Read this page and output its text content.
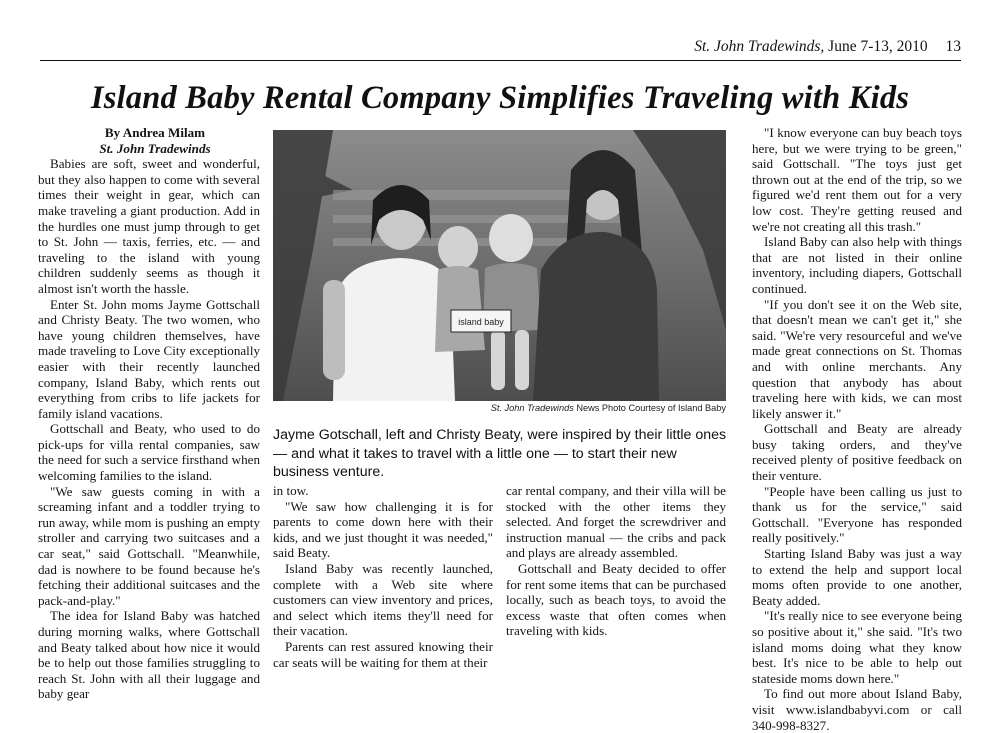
St. John Tradewinds, June 7-13, 2010 13
Island Baby Rental Company Simplifies Traveling with Kids

By Andrea Milam

St. John Tradewinds

Babies are soft, sweet and wonderful, but they also happen to come with several times their weight in gear, which can make traveling a giant production. Add in the hurdles one must jump through to get to St. John — taxis, ferries, etc. — and traveling to the island with young children suddenly seems as though it almost isn't worth the hassle.

Enter St. John moms Jayme Gottschall and Christy Beaty. The two women, who have young children themselves, have made traveling to Love City exceptionally easier with their recently launched company, Island Baby, which rents out everything from cribs to life jackets for family island vacations.

Gottschall and Beaty, who used to do pick-ups for villa rental companies, saw the need for such a service firsthand when welcoming families to the island.

"We saw guests coming in with a screaming infant and a toddler trying to run away, while mom is pushing an empty stroller and carrying two suitcases and a car seat," said Gottschall. "Meanwhile, dad is nowhere to be found because he's fetching their additional suitcases and the pack-and-play."

The idea for Island Baby was hatched during morning walks, where Gottschall and Beaty talked about how nice it would be to help out those families struggling to reach St. John with all their luggage and baby gear

island baby
St. John Tradewinds News Photo Courtesy of Island Baby
Jayme Gotschall, left and Christy Beaty, were inspired by their little ones — and what it takes to travel with a little one — to start their new business venture.

in tow.

"We saw how challenging it is for parents to come down here with their kids, and we just thought it was needed," said Beaty.

Island Baby was recently launched, complete with a Web site where customers can view inventory and prices, and select which items they'll need for their vacation.

Parents can rest assured knowing their car seats will be waiting for them at their

car rental company, and their villa will be stocked with the other items they selected. And forget the screwdriver and instruction manual — the cribs and pack and plays are already assembled.

Gottschall and Beaty decided to offer for rent some items that can be purchased locally, such as beach toys, to avoid the excess waste that often comes when traveling with kids.

"I know everyone can buy beach toys here, but we were trying to be green," said Gottschall. "The toys just get thrown out at the end of the trip, so we figured we'd rent them out for a very low cost. They're getting reused and we're not creating all this trash."

Island Baby can also help with things that are not listed in their online inventory, including diapers, Gottschall continued.

"If you don't see it on the Web site, that doesn't mean we can't get it," she said. "We're very resourceful and we've made great connections on St. Thomas and with online merchants. Any question that anybody has about traveling here with kids, we can most likely answer it."

Gottschall and Beaty are already busy taking orders, and they've received plenty of positive feedback on their venture.

"People have been calling us just to thank us for the service," said Gottschall. "Everyone has responded really positively."

Starting Island Baby was just a way to extend the help and support local moms often provide to one another, Beaty added.

"It's really nice to see everyone being so positive about it," she said. "It's two island moms doing what they know best. It's nice to be able to help out stateside moms down here."

To find out more about Island Baby, visit www.islandbabyvi.com or call 340-998-8327.
